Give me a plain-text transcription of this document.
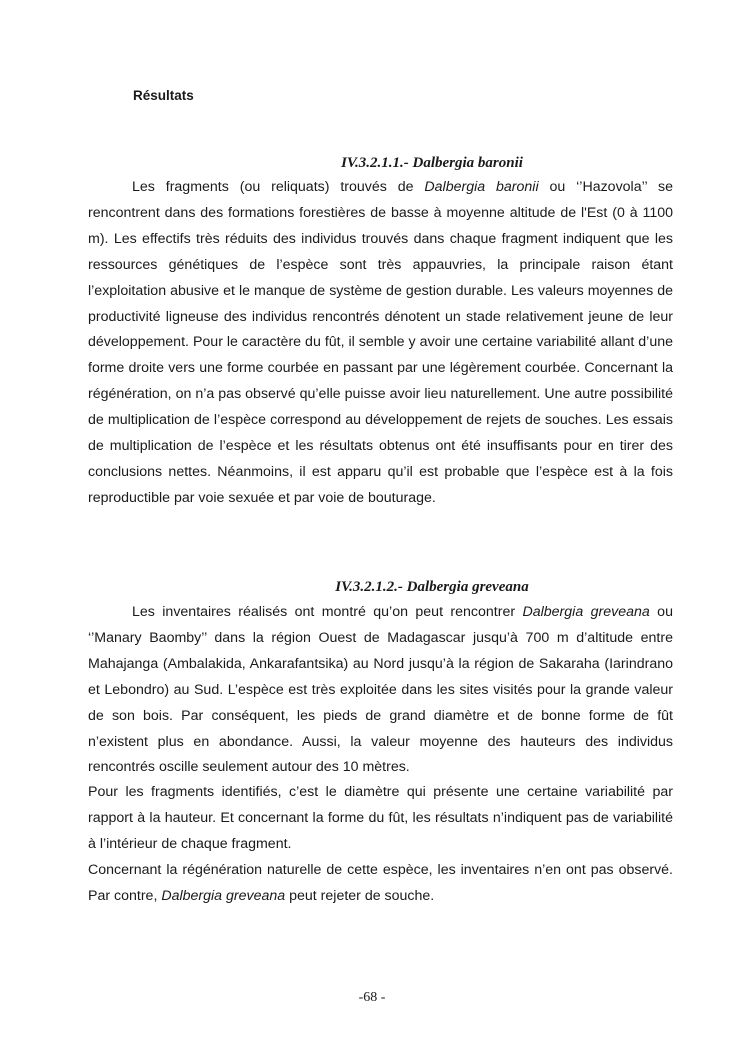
Résultats
IV.3.2.1.1.- Dalbergia baronii

Les fragments (ou reliquats) trouvés de Dalbergia baronii ou ‘’Hazovola’’ se rencontrent dans des formations forestières de basse à moyenne altitude de l'Est (0 à 1100 m). Les effectifs très réduits des individus trouvés dans chaque fragment indiquent que les ressources génétiques de l’espèce sont très appauvries, la principale raison étant l’exploitation abusive et le manque de système de gestion durable. Les valeurs moyennes de productivité ligneuse des individus rencontrés dénotent un stade relativement jeune de leur développement. Pour le caractère du fût, il semble y avoir une certaine variabilité allant d’une forme droite vers une forme courbée en passant par une légèrement courbée. Concernant la régénération, on n’a pas observé qu’elle puisse avoir lieu naturellement. Une autre possibilité de multiplication de l’espèce correspond au développement de rejets de souches. Les essais de multiplication de l’espèce et les résultats obtenus ont été insuffisants pour en tirer des conclusions nettes. Néanmoins, il est apparu qu’il est probable que l’espèce est à la fois reproductible par voie sexuée et par voie de bouturage.

IV.3.2.1.2.- Dalbergia greveana

Les inventaires réalisés ont montré qu’on peut rencontrer Dalbergia greveana ou ‘’Manary Baomby’’ dans la région Ouest de Madagascar jusqu’à 700 m d’altitude entre Mahajanga (Ambalakida, Ankarafantsika) au Nord jusqu’à la région de Sakaraha (Iarindrano et Lebondro) au Sud. L’espèce est très exploitée dans les sites visités pour la grande valeur de son bois. Par conséquent, les pieds de grand diamètre et de bonne forme de fût n’existent plus en abondance. Aussi, la valeur moyenne des hauteurs des individus rencontrés oscille seulement autour des 10 mètres.

Pour les fragments identifiés, c’est le diamètre qui présente une certaine variabilité par rapport à la hauteur. Et concernant la forme du fût, les résultats n’indiquent pas de variabilité à l’intérieur de chaque fragment.

Concernant la régénération naturelle de cette espèce, les inventaires n’en ont pas observé. Par contre, Dalbergia greveana peut rejeter de souche.

-68 -
